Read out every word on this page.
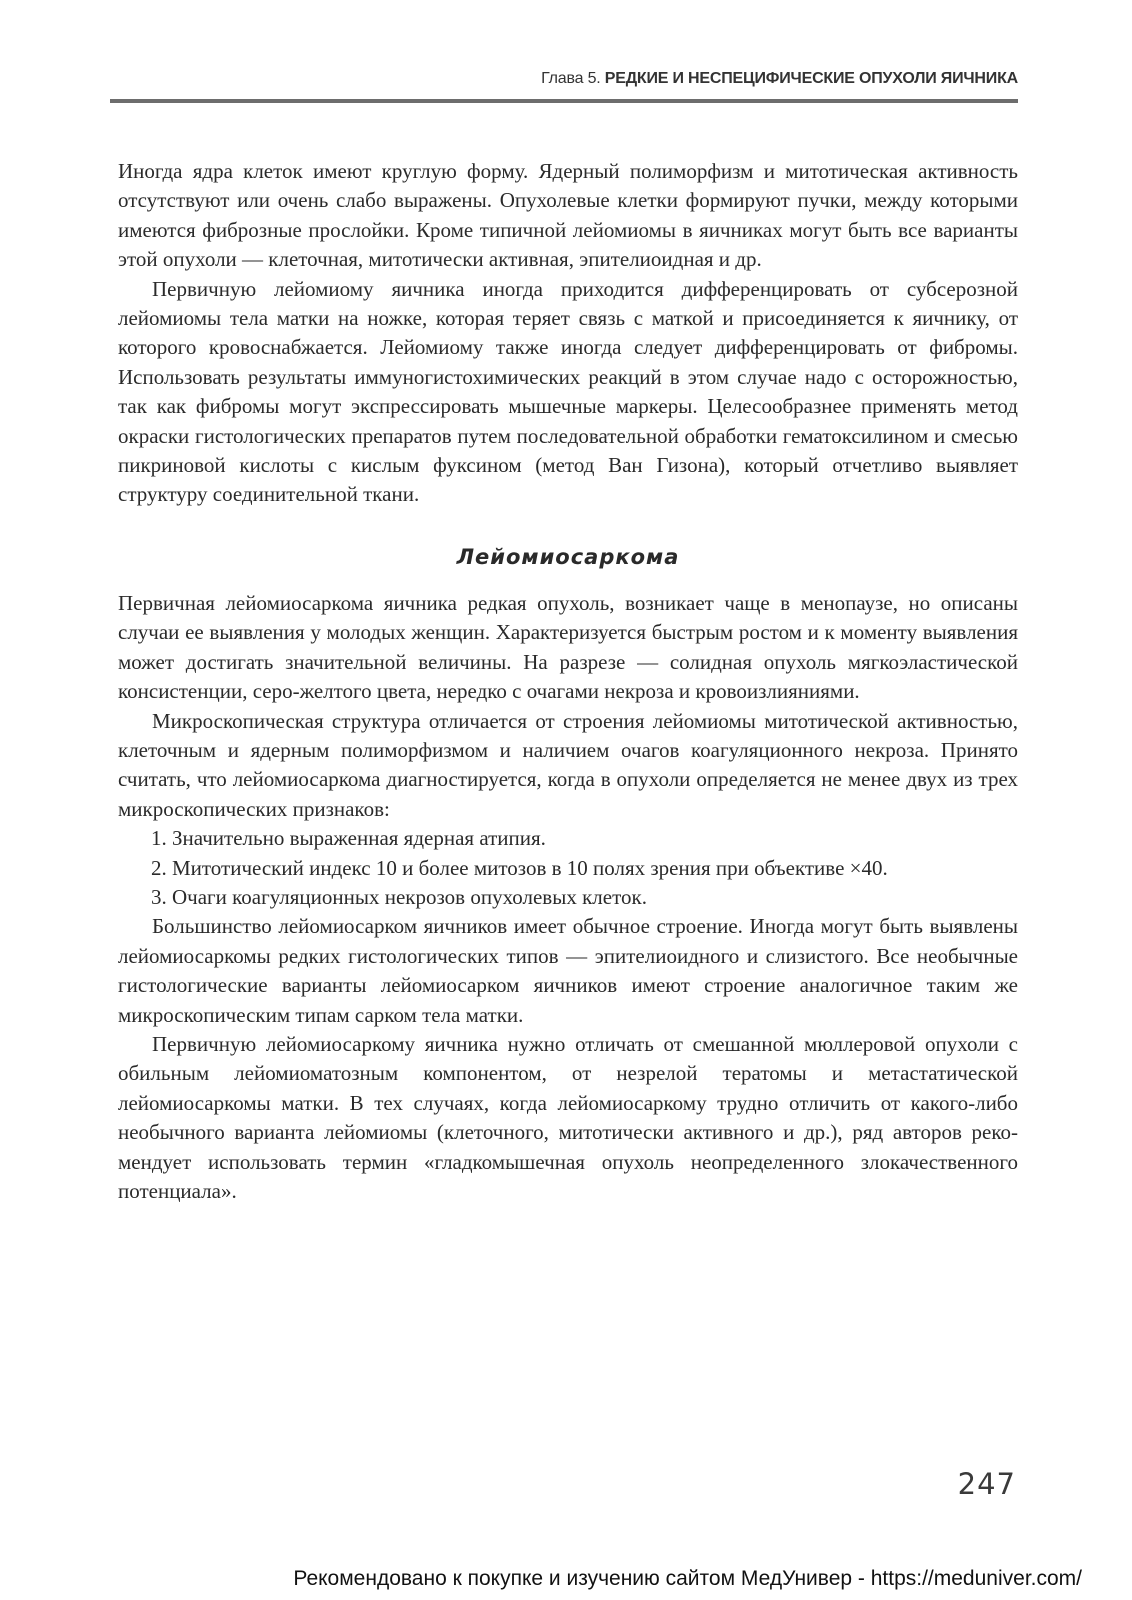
Глава 5. РЕДКИЕ И НЕСПЕЦИФИЧЕСКИЕ ОПУХОЛИ ЯИЧНИКА

Иногда ядра клеток имеют круглую форму. Ядерный полиморфизм и митотическая активность отсутствуют или очень слабо выражены. Опухолевые клетки формируют пучки, между которыми имеются фиброзные прослойки. Кроме типичной лейомиомы в яичниках могут быть все варианты этой опухоли — клеточная, митотически активная, эпителиоидная и др.

Первичную лейомиому яичника иногда приходится дифференцировать от субсерозной лейомиомы тела матки на ножке, которая теряет связь с маткой и присоединяется к яичнику, от которого кровоснабжается. Лейомиому также иногда следует дифференцировать от фибромы. Использовать результаты иммуногистохимических реакций в этом случае надо с осторожностью, так как фибромы могут экспрессировать мышечные маркеры. Целесообразнее применять метод окраски гистологических препаратов путем последовательной обработки гематоксилином и смесью пикриновой кислоты с кислым фуксином (метод Ван Гизона), который отчетливо выявляет структуру соединительной ткани.

Лейомиосаркома

Первичная лейомиосаркома яичника редкая опухоль, возникает чаще в менопаузе, но описаны случаи ее выявления у молодых женщин. Характеризуется быстрым ростом и к моменту выявления может достигать значительной величины. На разрезе — солидная опухоль мягкоэластической консистенции, серо-желтого цвета, нередко с очагами некроза и кровоизлияниями.

Микроскопическая структура отличается от строения лейомиомы митотической активностью, клеточным и ядерным полиморфизмом и наличием очагов коагуляционного некроза. Принято считать, что лейомиосаркома диагностируется, когда в опухоли определяется не менее двух из трех микроскопических признаков:

1. Значительно выраженная ядерная атипия.
2. Митотический индекс 10 и более митозов в 10 полях зрения при объективе ×40.
3. Очаги коагуляционных некрозов опухолевых клеток.

Большинство лейомиосарком яичников имеет обычное строение. Иногда могут быть выявлены лейомиосаркомы редких гистологических типов — эпителиоидного и слизистого. Все необычные гистологические варианты лейомиосарком яичников имеют строение аналогичное таким же микроскопическим типам сарком тела матки.

Первичную лейомиосаркому яичника нужно отличать от смешанной мюллеровой опухоли с обильным лейомиоматозным компонентом, от незрелой тератомы и метастатической лейомиосаркомы матки. В тех случаях, когда лейомиосаркому трудно отличить от какого-либо необычного варианта лейомиомы (клеточного, митотически активного и др.), ряд авторов рекомендует использовать термин «гладкомышечная опухоль неопределенного злокачественного потенциала».

247
Рекомендовано к покупке и изучению сайтом МедУнивер - https://meduniver.com/
